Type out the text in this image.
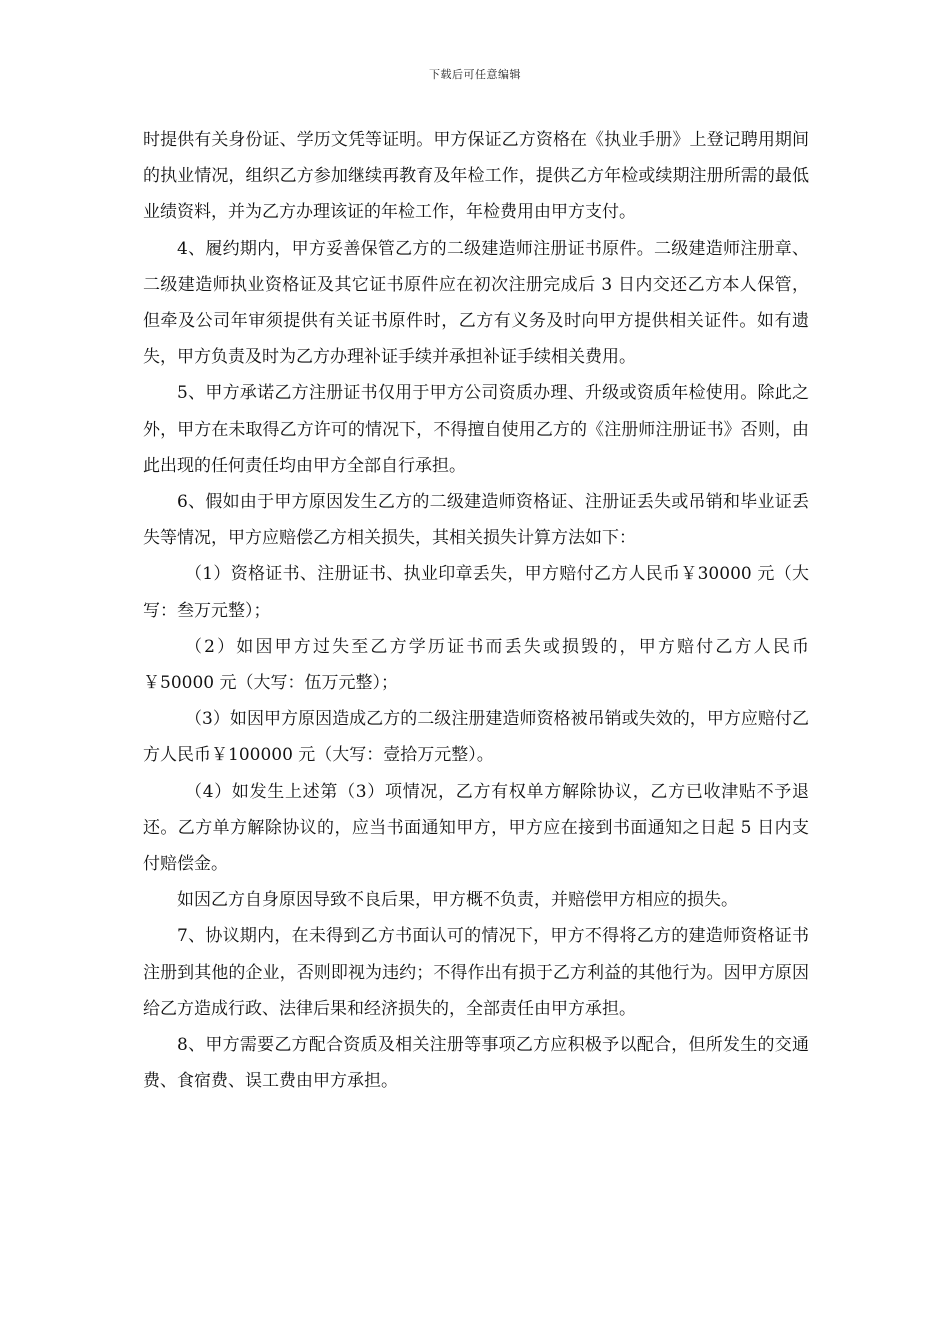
下载后可任意编辑

时提供有关身份证、学历文凭等证明。甲方保证乙方资格在《执业手册》上登记聘用期间的执业情况，组织乙方参加继续再教育及年检工作，提供乙方年检或续期注册所需的最低业绩资料，并为乙方办理该证的年检工作，年检费用由甲方支付。

4、履约期内，甲方妥善保管乙方的二级建造师注册证书原件。二级建造师注册章、二级建造师执业资格证及其它证书原件应在初次注册完成后 3 日内交还乙方本人保管，但牵及公司年审须提供有关证书原件时，乙方有义务及时向甲方提供相关证件。如有遗失，甲方负责及时为乙方办理补证手续并承担补证手续相关费用。

5、甲方承诺乙方注册证书仅用于甲方公司资质办理、升级或资质年检使用。除此之外，甲方在未取得乙方许可的情况下，不得擅自使用乙方的《注册师注册证书》否则，由此出现的任何责任均由甲方全部自行承担。

6、假如由于甲方原因发生乙方的二级建造师资格证、注册证丢失或吊销和毕业证丢失等情况，甲方应赔偿乙方相关损失，其相关损失计算方法如下：

（1）资格证书、注册证书、执业印章丢失，甲方赔付乙方人民币￥30000 元（大写：叁万元整）；

（2）如因甲方过失至乙方学历证书而丢失或损毁的，甲方赔付乙方人民币￥50000 元（大写：伍万元整）；

（3）如因甲方原因造成乙方的二级注册建造师资格被吊销或失效的，甲方应赔付乙方人民币￥100000 元（大写：壹拾万元整）。

（4）如发生上述第（3）项情况，乙方有权单方解除协议，乙方已收津贴不予退还。乙方单方解除协议的，应当书面通知甲方，甲方应在接到书面通知之日起 5 日内支付赔偿金。

如因乙方自身原因导致不良后果，甲方概不负责，并赔偿甲方相应的损失。

7、协议期内，在未得到乙方书面认可的情况下，甲方不得将乙方的建造师资格证书注册到其他的企业，否则即视为违约；不得作出有损于乙方利益的其他行为。因甲方原因给乙方造成行政、法律后果和经济损失的，全部责任由甲方承担。

8、甲方需要乙方配合资质及相关注册等事项乙方应积极予以配合，但所发生的交通费、食宿费、误工费由甲方承担。
